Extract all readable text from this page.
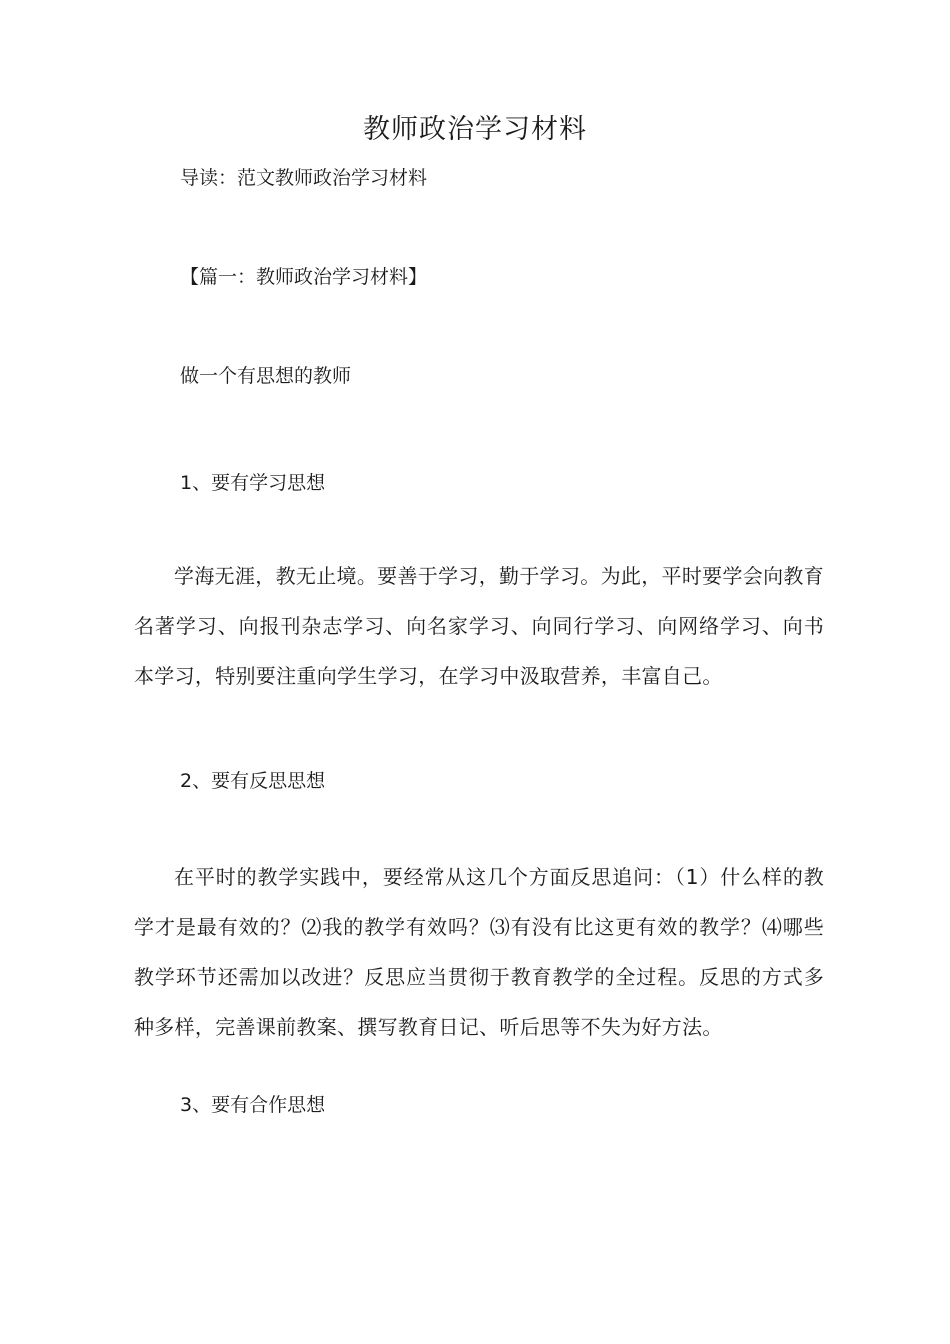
教师政治学习材料
导读：范文教师政治学习材料
【篇一：教师政治学习材料】
做一个有思想的教师
1、要有学习思想
学海无涯，教无止境。要善于学习，勤于学习。为此，平时要学会向教育名著学习、向报刊杂志学习、向名家学习、向同行学习、向网络学习、向书本学习，特别要注重向学生学习，在学习中汲取营养，丰富自己。
2、要有反思思想
在平时的教学实践中，要经常从这几个方面反思追问：（1）什么样的教学才是最有效的？⑵我的教学有效吗？⑶有没有比这更有效的教学？⑷哪些教学环节还需加以改进？反思应当贯彻于教育教学的全过程。反思的方式多种多样，完善课前教案、撰写教育日记、听后思等不失为好方法。
3、要有合作思想
